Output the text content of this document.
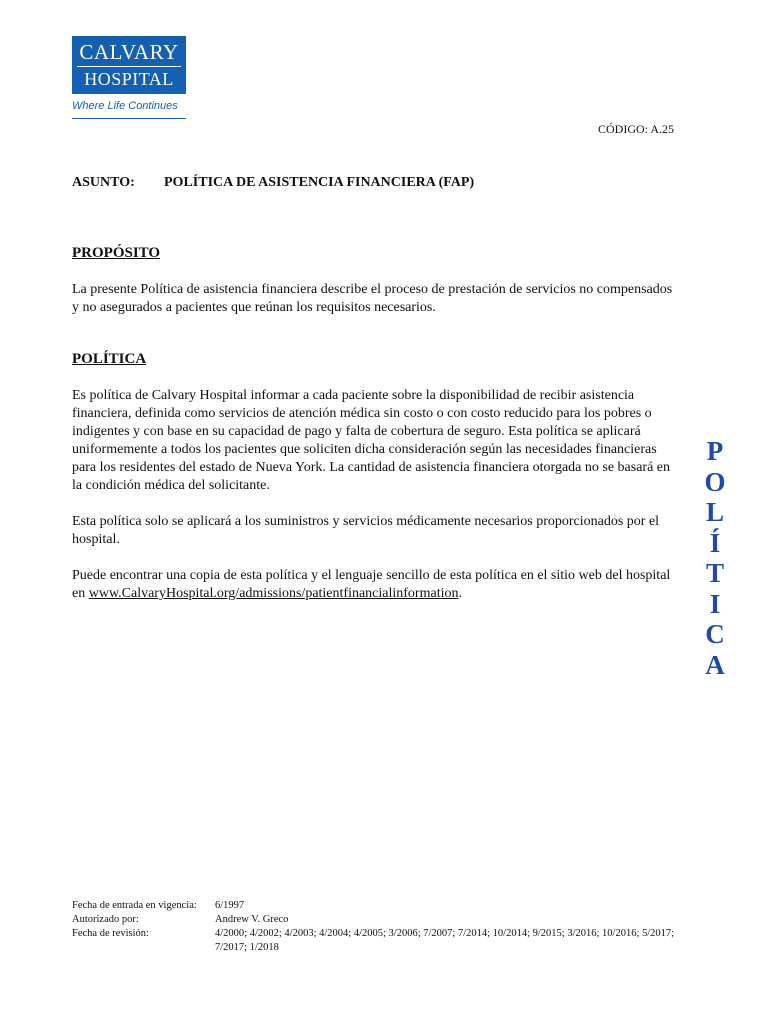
CALVARY
HOSPITAL
Where Life Continues
CÓDIGO: A.25
ASUNTO: POLÍTICA DE ASISTENCIA FINANCIERA (FAP)
PROPÓSITO
La presente Política de asistencia financiera describe el proceso de prestación de servicios no compensados y no asegurados a pacientes que reúnan los requisitos necesarios.
POLÍTICA
Es política de Calvary Hospital informar a cada paciente sobre la disponibilidad de recibir asistencia financiera, definida como servicios de atención médica sin costo o con costo reducido para los pobres o indigentes y con base en su capacidad de pago y falta de cobertura de seguro. Esta política se aplicará uniformemente a todos los pacientes que soliciten dicha consideración según las necesidades financieras para los residentes del estado de Nueva York. La cantidad de asistencia financiera otorgada no se basará en la condición médica del solicitante.
Esta política solo se aplicará a los suministros y servicios médicamente necesarios proporcionados por el hospital.
Puede encontrar una copia de esta política y el lenguaje sencillo de esta política en el sitio web del hospital en www.CalvaryHospital.org/admissions/patientfinancialinformation.
P
O
L
Í
T
I
C
A
Fecha de entrada en vigencia:	6/1997
Autorizado por:	Andrew V. Greco
Fecha de revisión:	4/2000; 4/2002; 4/2003; 4/2004; 4/2005; 3/2006; 7/2007; 7/2014; 10/2014; 9/2015; 3/2016; 10/2016; 5/2017; 7/2017; 1/2018
